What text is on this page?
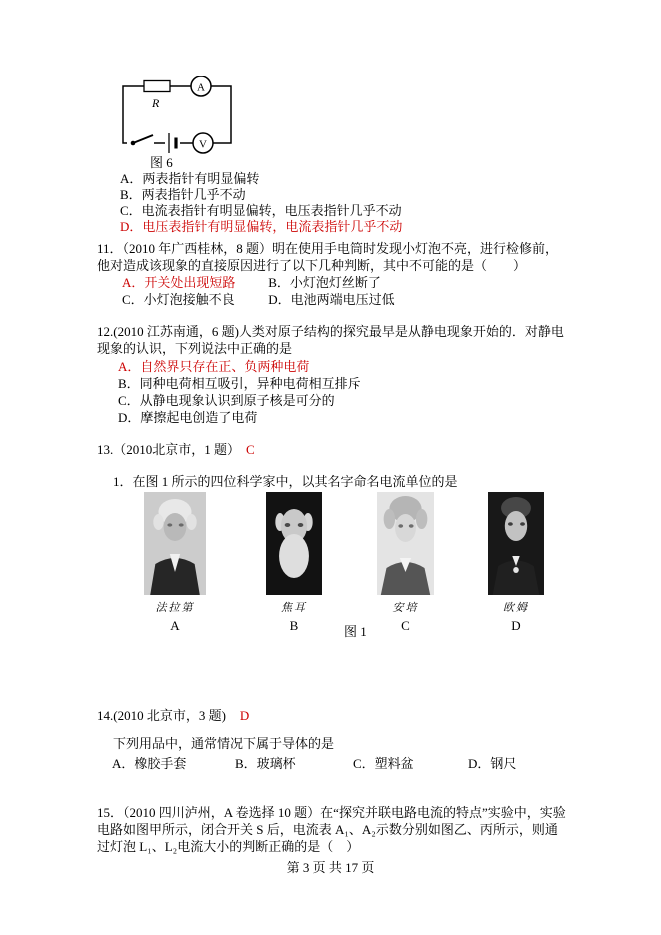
R
A
V
图 6
A．两表指针有明显偏转
B．两表指针几乎不动
C．电流表指针有明显偏转，电压表指针几乎不动
D．电压表指针有明显偏转，电流表指针几乎不动
11．（2010 年广西桂林，8 题）明在使用手电筒时发现小灯泡不亮，进行检修前，他对造成该现象的直接原因进行了以下几种判断，其中不可能的是（　　）
A．开关处出现短路	B．小灯泡灯丝断了
C．小灯泡接触不良	D．电池两端电压过低
12.(2010 江苏南通，6 题)人类对原子结构的探究最早是从静电现象开始的．对静电现象的认识，下列说法中正确的是
A．自然界只存在正、负两种电荷
B．同种电荷相互吸引，异种电荷相互排斥
C．从静电现象认识到原子核是可分的
D．摩擦起电创造了电荷
13.（2010北京市，1 题） C
1．在图 1 所示的四位科学家中，以其名字命名电流单位的是
法拉第
A
焦耳
B
安培
C
欧姆
D
图 1
14.(2010 北京市，3 题) D
下列用品中，通常情况下属于导体的是
A．橡胶手套	B．玻璃杯	C．塑料盆	D．钢尺
15．（2010 四川泸州，A 卷选择 10 题）在“探究并联电路电流的特点”实验中，实验电路如图甲所示，闭合开关 S 后，电流表 A₁、A₂示数分别如图乙、丙所示，则通过灯泡 L₁、L₂电流大小的判断正确的是（　）
第 3 页 共 17 页
